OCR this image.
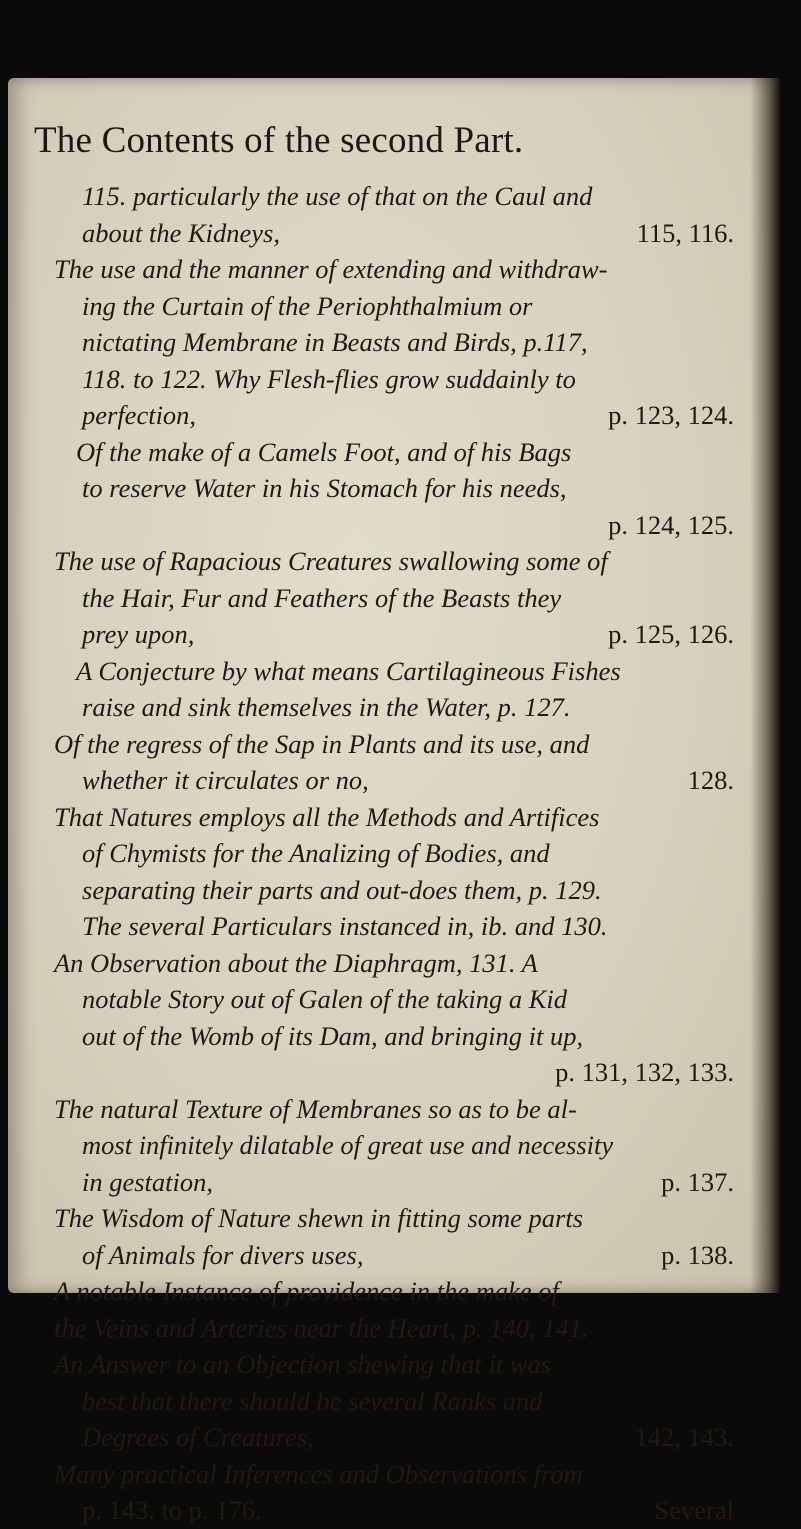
The Contents of the second Part.
115. particularly the use of that on the Caul and
about the Kidneys,	115, 116.
The use and the manner of extending and withdraw-
ing the Curtain of the Periophthalmium or
nictating Membrane in Beasts and Birds, p.117,
118. to 122. Why Flesh-flies grow suddainly to
perfection,	p. 123, 124.
Of the make of a Camels Foot, and of his Bags
to reserve Water in his Stomach for his needs,
p. 124, 125.
The use of Rapacious Creatures swallowing some of
the Hair, Fur and Feathers of the Beasts they
prey upon,	p. 125, 126.
A Conjecture by what means Cartilagineous Fishes
raise and sink themselves in the Water, p. 127.
Of the regress of the Sap in Plants and its use, and
whether it circulates or no,	128.
That Natures employs all the Methods and Artifices
of Chymists for the Analizing of Bodies, and
separating their parts and out-does them, p. 129.
The several Particulars instanced in, ib. and 130.
An Observation about the Diaphragm, 131. A
notable Story out of Galen of the taking a Kid
out of the Womb of its Dam, and bringing it up,
p. 131, 132, 133.
The natural Texture of Membranes so as to be al-
most infinitely dilatable of great use and necessity
in gestation,	p. 137.
The Wisdom of Nature shewn in fitting some parts
of Animals for divers uses,	p. 138.
A notable Instance of providence in the make of
the Veins and Arteries near the Heart, p. 140, 141.
An Answer to an Objection shewing that it was
best that there should be several Ranks and
Degrees of Creatures,	142, 143.
Many practical Inferences and Observations from
p. 143. to p. 176.	Several
